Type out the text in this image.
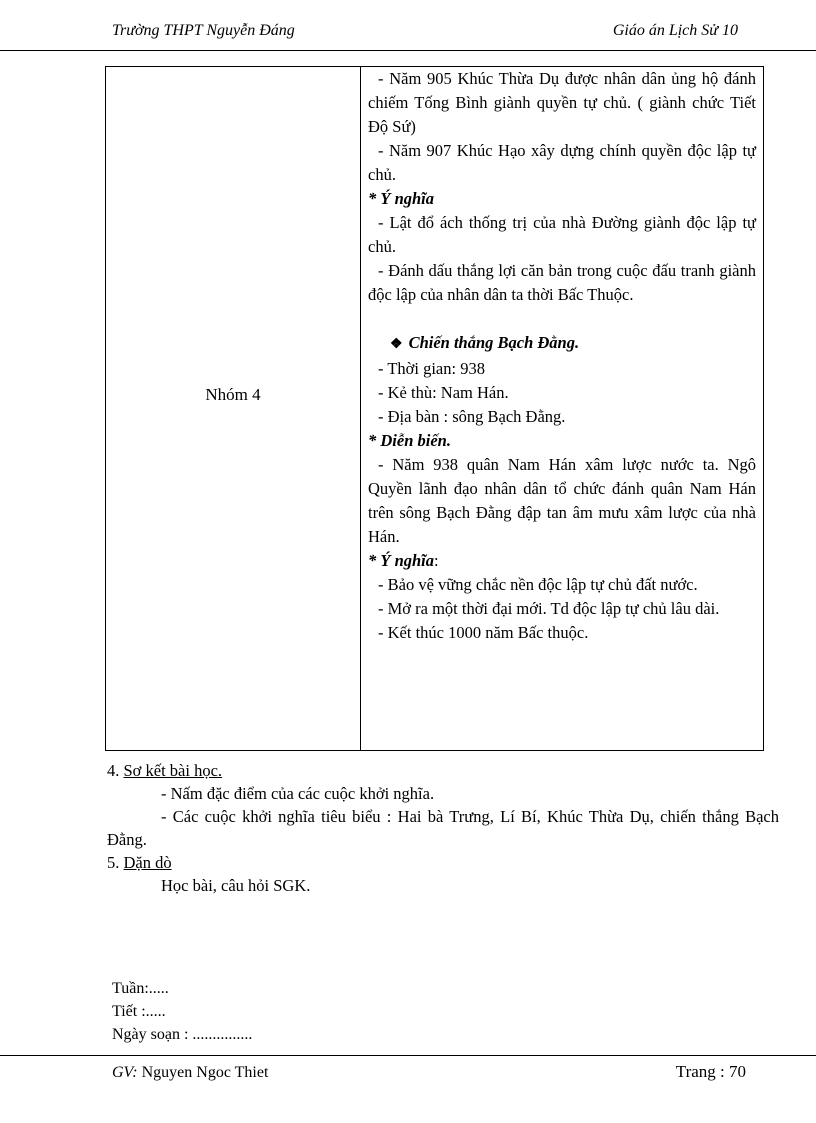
Trường THPT Nguyễn Đáng	Giáo án Lịch Sử 10
Nhóm 4

- Năm 905 Khúc Thừa Dụ được nhân dân ủng hộ đánh chiếm Tống Bình giành quyền tự chủ. ( giành chức Tiết Độ Sứ)

- Năm 907 Khúc Hạo xây dựng chính quyền độc lập tự chủ.

* Ý nghĩa

- Lật đổ ách thống trị của nhà Đường giành độc lập tự chủ.

- Đánh dấu thắng lợi căn bản trong cuộc đấu tranh giành độc lập của nhân dân ta thời Bấc Thuộc.

❖ Chiến thắng Bạch Đằng.

- Thời gian: 938

- Kẻ thù: Nam Hán.

- Địa bàn : sông Bạch Đằng.

* Diễn biến.

- Năm 938 quân Nam Hán xâm lược nước ta. Ngô Quyền lãnh đạo nhân dân tổ chức đánh quân Nam Hán trên sông Bạch Đằng đập tan âm mưu xâm lược của nhà Hán.

* Ý nghĩa:

- Bảo vệ vững chắc nền độc lập tự chủ đất nước.

- Mở ra một thời đại mới. Td độc lập tự chủ lâu dài.

- Kết thúc 1000 năm Bấc thuộc.

4. Sơ kết bài học.
- Nấm đặc điểm của các cuộc khởi nghĩa.
- Các cuộc khởi nghĩa tiêu biểu : Hai bà Trưng, Lí Bí, Khúc Thừa Dụ, chiến thắng Bạch Đằng.
5. Dặn dò
Học bài, câu hỏi SGK.
Tuần:.....
Tiết :.....
Ngày soạn : ...............
GV: Nguyen Ngoc Thiet	Trang : 70
